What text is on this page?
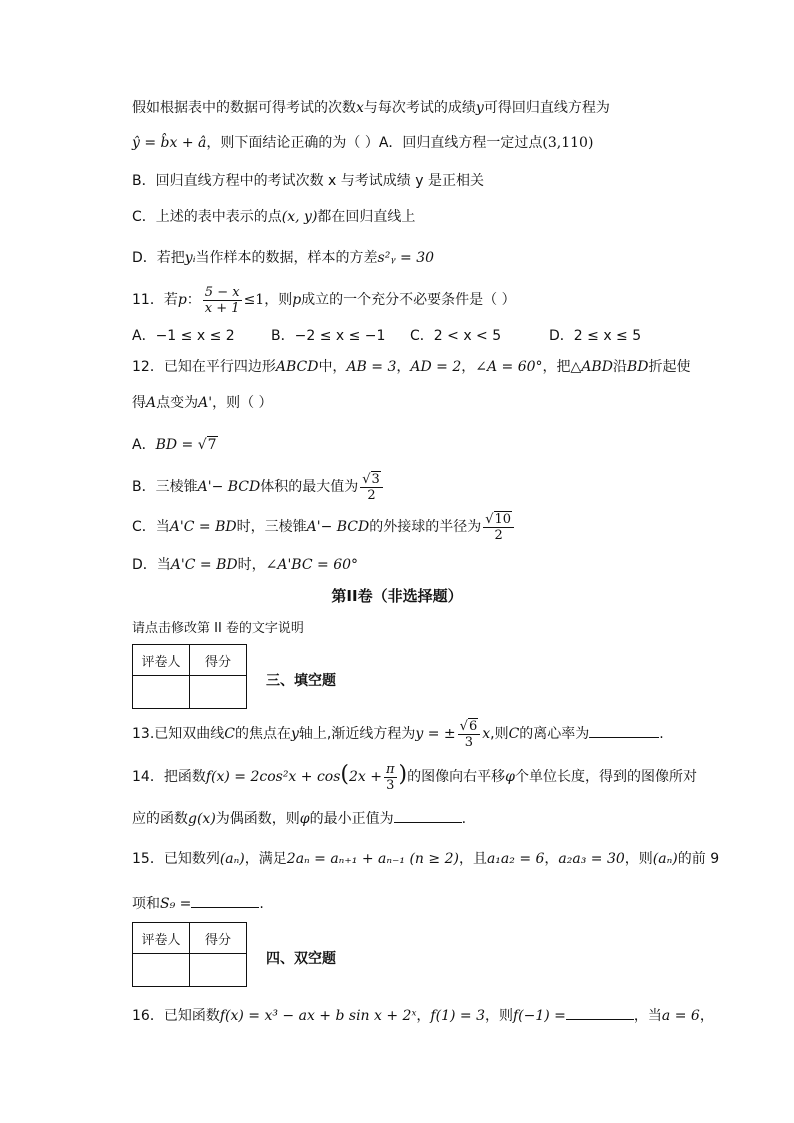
假如根据表中的数据可得考试的次数x与每次考试的成绩y可得回归直线方程为
ŷ = b̂x + â，则下面结论正确的为（ ）A．回归直线方程一定过点(3,110)
B．回归直线方程中的考试次数 x 与考试成绩 y 是正相关
C．上述的表中表示的点(x, y)都在回归直线上
D．若把yᵢ当作样本的数据，样本的方差s²ᵧ = 30
11．若p： $\frac{5 - x}{x + 1} \le 1$，则p成立的一个充分不必要条件是（ ）
A．−1 ≤ x ≤ 2	B．−2 ≤ x ≤ −1 C．2 < x < 5	D．2 ≤ x ≤ 5
12．已知在平行四边形ABCD中，AB = 3，AD = 2，∠A = 60°，把△ABD沿BD折起使
得A点变为A'，则（ ）
A．BD = √7
B．三棱锥A'− BCD体积的最大值为 $\frac{√3}{2}$
C．当A'C = BD时，三棱锥A'− BCD的外接球的半径为 $\frac{√10}{2}$
D．当A'C = BD时，∠A'BC = 60°
第II卷（非选择题）
请点击修改第 II 卷的文字说明
评卷人	得分

三、填空题
13.已知双曲线C的焦点在y轴上,渐近线方程为y = ± $\frac{√6}{3} x$,则C的离心率为	.
14．把函数$f(x) = 2\cos^2x + \cos(2x + \frac{\pi}{3}$ )的图像向右平移φ个单位长度，得到的图像所对
应的函数g(x)为偶函数，则φ的最小正值为	.
15．已知数列(aₙ)，满足2aₙ = aₙ₊₁ + aₙ₋₁ (n ≥ 2)，且a₁a₂ = 6，a₂a₃ = 30，则(aₙ)的前 9
项和S₉ =	.
评卷人	得分

四、双空题
16．已知函数f(x) = x³ − ax + b sin x + 2ˣ，f(1) = 3，则f(−1) =	，当a = 6，
